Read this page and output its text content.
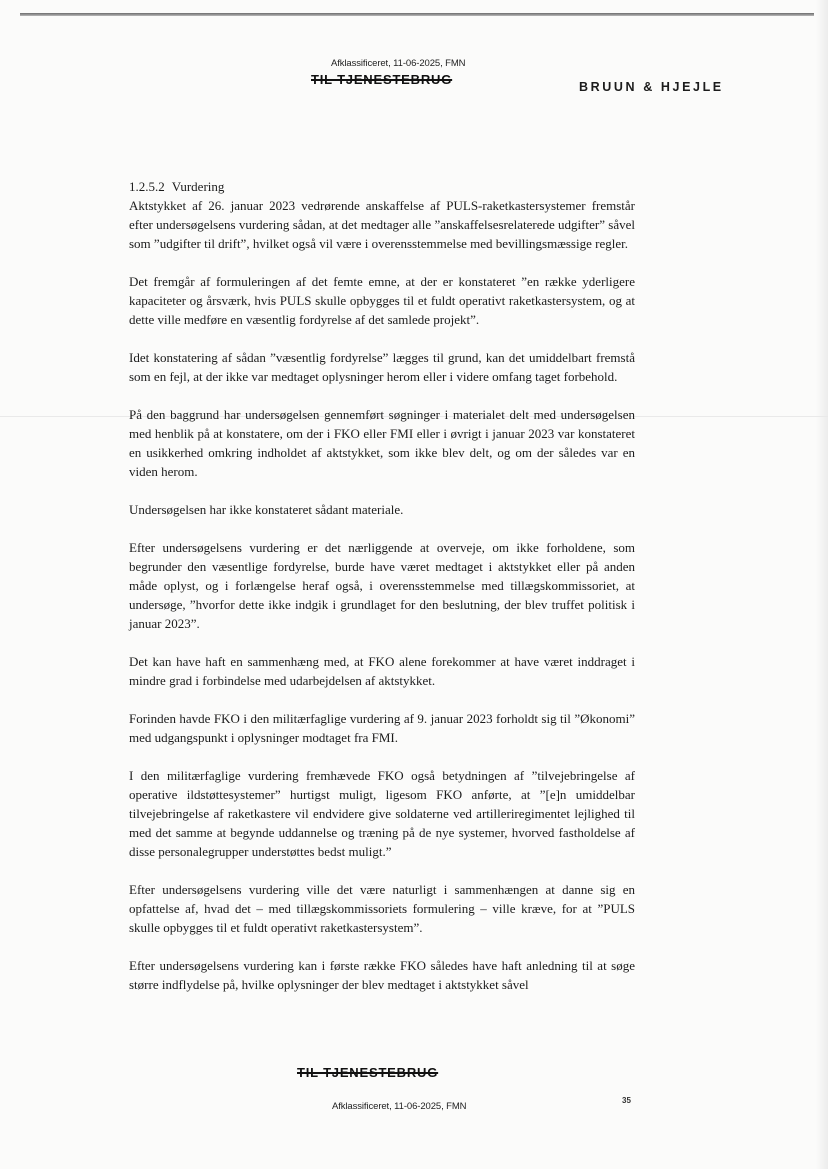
Afklassificeret, 11-06-2025, FMN
TIL TJENESTEBRUG	BRUUN & HJEJLE

1.2.5.2 Vurdering

Aktstykket af 26. januar 2023 vedrørende anskaffelse af PULS-raketkastersystemer fremstår efter undersøgelsens vurdering sådan, at det medtager alle ”anskaffelsesrelaterede udgifter” såvel som ”udgifter til drift”, hvilket også vil være i overensstemmelse med bevillingsmæssige regler.

Det fremgår af formuleringen af det femte emne, at der er konstateret ”en række yderligere kapaciteter og årsværk, hvis PULS skulle opbygges til et fuldt operativt raketkastersystem, og at dette ville medføre en væsentlig fordyrelse af det samlede projekt”.

Idet konstatering af sådan ”væsentlig fordyrelse” lægges til grund, kan det umiddelbart fremstå som en fejl, at der ikke var medtaget oplysninger herom eller i videre omfang taget forbehold.

På den baggrund har undersøgelsen gennemført søgninger i materialet delt med undersøgelsen med henblik på at konstatere, om der i FKO eller FMI eller i øvrigt i januar 2023 var konstateret en usikkerhed omkring indholdet af aktstykket, som ikke blev delt, og om der således var en viden herom.

Undersøgelsen har ikke konstateret sådant materiale.

Efter undersøgelsens vurdering er det nærliggende at overveje, om ikke forholdene, som begrunder den væsentlige fordyrelse, burde have været medtaget i aktstykket eller på anden måde oplyst, og i forlængelse heraf også, i overensstemmelse med tillægskommissoriet, at undersøge, ”hvorfor dette ikke indgik i grundlaget for den beslutning, der blev truffet politisk i januar 2023”.

Det kan have haft en sammenhæng med, at FKO alene forekommer at have været inddraget i mindre grad i forbindelse med udarbejdelsen af aktstykket.

Forinden havde FKO i den militærfaglige vurdering af 9. januar 2023 forholdt sig til ”Økonomi” med udgangspunkt i oplysninger modtaget fra FMI.

I den militærfaglige vurdering fremhævede FKO også betydningen af ”tilvejebringelse af operative ildstøttesystemer” hurtigst muligt, ligesom FKO anførte, at ”[e]n umiddelbar tilvejebringelse af raketkastere vil endvidere give soldaterne ved artilleriregimentet lejlighed til med det samme at begynde uddannelse og træning på de nye systemer, hvorved fastholdelse af disse personalegrupper understøttes bedst muligt.”

Efter undersøgelsens vurdering ville det være naturligt i sammenhængen at danne sig en opfattelse af, hvad det – med tillægskommissoriets formulering – ville kræve, for at ”PULS skulle opbygges til et fuldt operativt raketkastersystem”.

Efter undersøgelsens vurdering kan i første række FKO således have haft anledning til at søge større indflydelse på, hvilke oplysninger der blev medtaget i aktstykket såvel

TIL TJENESTEBRUG
35
Afklassificeret, 11-06-2025, FMN
